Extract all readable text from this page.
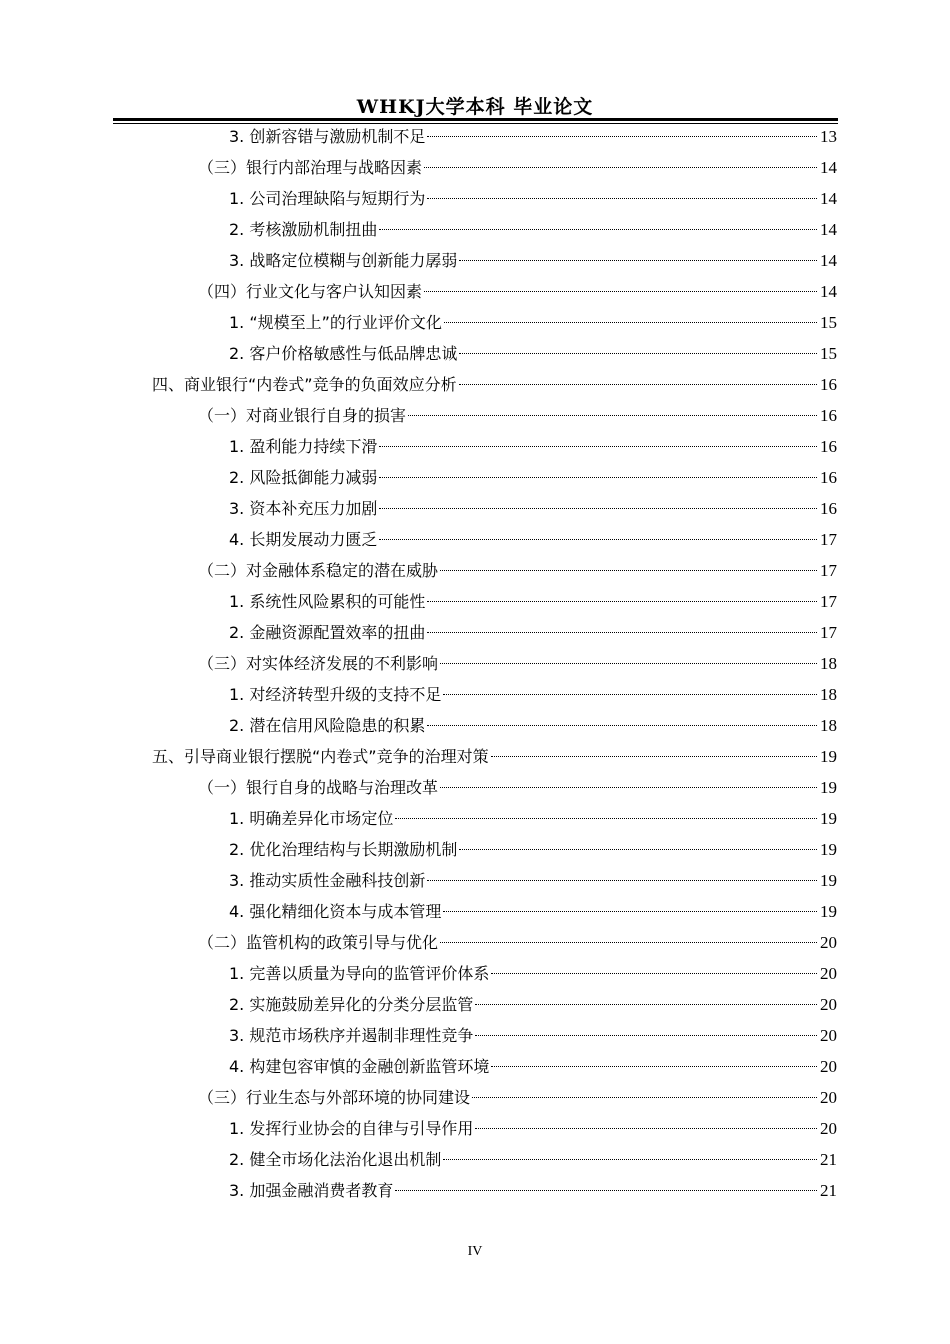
WHKJ大学本科 毕业论文
3. 创新容错与激励机制不足	13
（三）银行内部治理与战略因素	14
1. 公司治理缺陷与短期行为	14
2. 考核激励机制扭曲	14
3. 战略定位模糊与创新能力孱弱	14
（四）行业文化与客户认知因素	14
1. “规模至上”的行业评价文化	15
2. 客户价格敏感性与低品牌忠诚	15
四、商业银行“内卷式”竞争的负面效应分析	16
（一）对商业银行自身的损害	16
1. 盈利能力持续下滑	16
2. 风险抵御能力减弱	16
3. 资本补充压力加剧	16
4. 长期发展动力匮乏	17
（二）对金融体系稳定的潜在威胁	17
1. 系统性风险累积的可能性	17
2. 金融资源配置效率的扭曲	17
（三）对实体经济发展的不利影响	18
1. 对经济转型升级的支持不足	18
2. 潜在信用风险隐患的积累	18
五、引导商业银行摆脱“内卷式”竞争的治理对策	19
（一）银行自身的战略与治理改革	19
1. 明确差异化市场定位	19
2. 优化治理结构与长期激励机制	19
3. 推动实质性金融科技创新	19
4. 强化精细化资本与成本管理	19
（二）监管机构的政策引导与优化	20
1. 完善以质量为导向的监管评价体系	20
2. 实施鼓励差异化的分类分层监管	20
3. 规范市场秩序并遏制非理性竞争	20
4. 构建包容审慎的金融创新监管环境	20
（三）行业生态与外部环境的协同建设	20
1. 发挥行业协会的自律与引导作用	20
2. 健全市场化法治化退出机制	21
3. 加强金融消费者教育	21
IV
